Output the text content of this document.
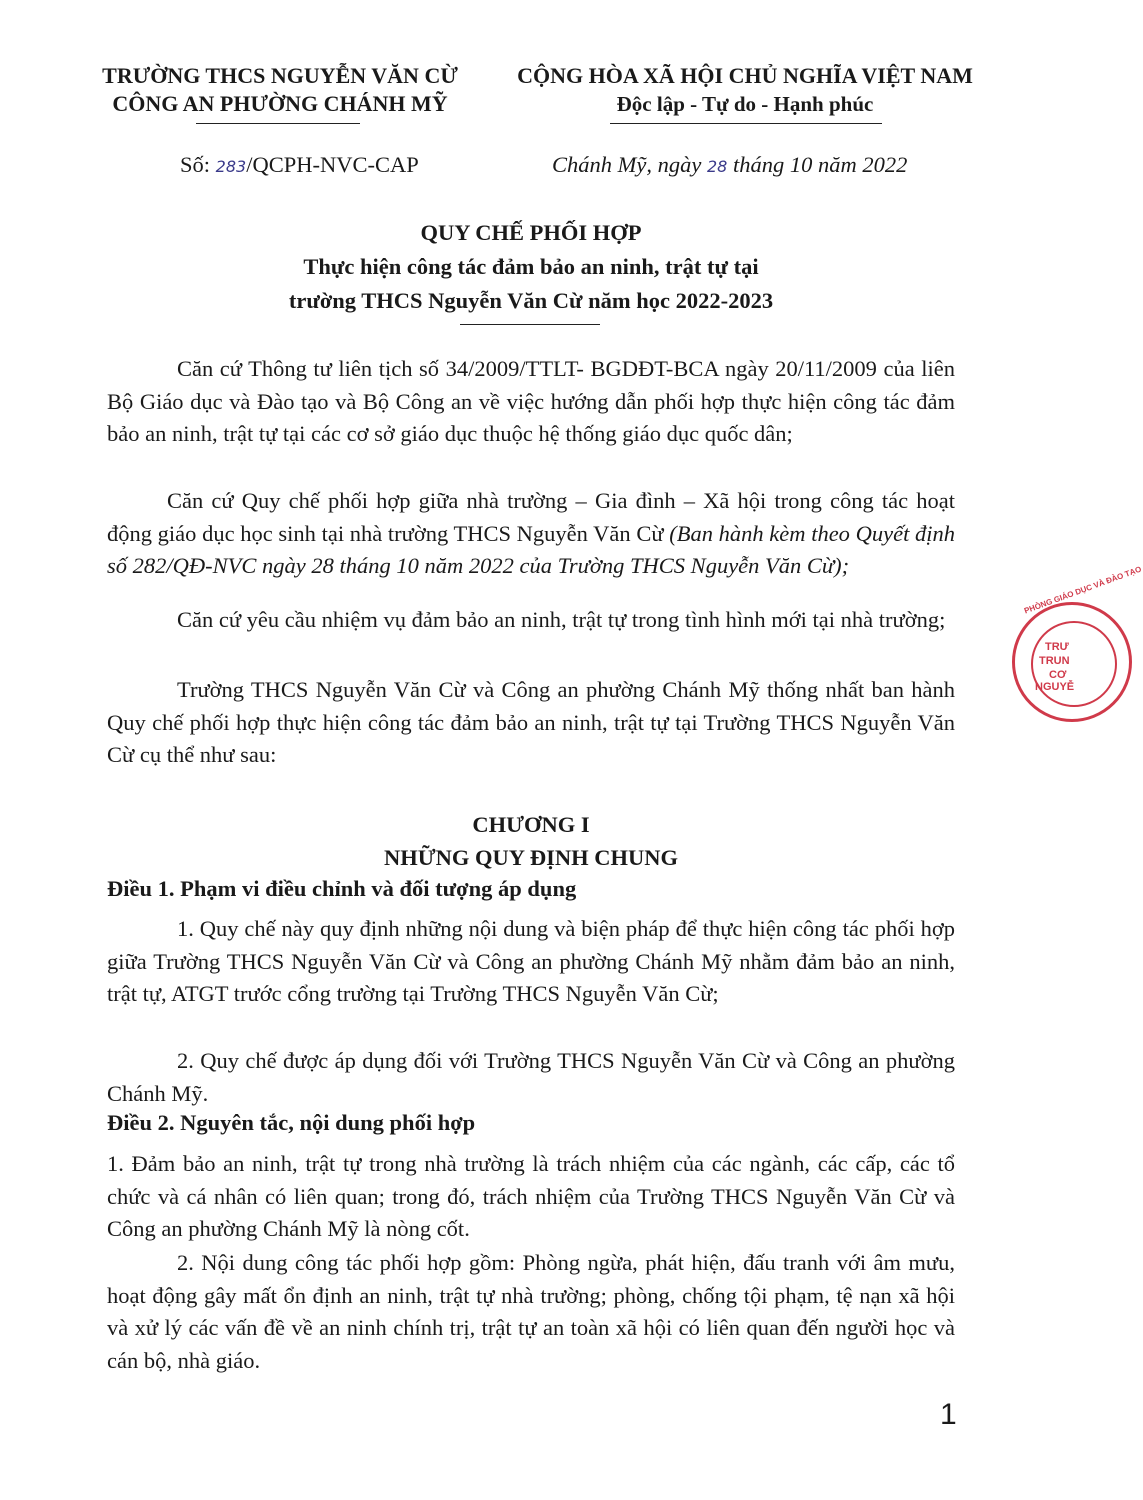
TRƯỜNG THCS NGUYỄN VĂN CỪ
CÔNG AN PHƯỜNG CHÁNH MỸ
CỘNG HÒA XÃ HỘI CHỦ NGHĨA VIỆT NAM
Độc lập - Tự do - Hạnh phúc
Số: 283/QCPH-NVC-CAP	Chánh Mỹ, ngày 28 tháng 10 năm 2022
QUY CHẾ PHỐI HỢP
Thực hiện công tác đảm bảo an ninh, trật tự tại
trường THCS Nguyễn Văn Cừ năm học 2022-2023

Căn cứ Thông tư liên tịch số 34/2009/TTLT- BGDĐT-BCA ngày 20/11/2009 của liên Bộ Giáo dục và Đào tạo và Bộ Công an về việc hướng dẫn phối hợp thực hiện công tác đảm bảo an ninh, trật tự tại các cơ sở giáo dục thuộc hệ thống giáo dục quốc dân;

Căn cứ Quy chế phối hợp giữa nhà trường – Gia đình – Xã hội trong công tác hoạt động giáo dục học sinh tại nhà trường THCS Nguyễn Văn Cừ (Ban hành kèm theo Quyết định số 282/QĐ-NVC ngày 28 tháng 10 năm 2022 của Trường THCS Nguyễn Văn Cừ);

Căn cứ yêu cầu nhiệm vụ đảm bảo an ninh, trật tự trong tình hình mới tại nhà trường;

Trường THCS Nguyễn Văn Cừ và Công an phường Chánh Mỹ thống nhất ban hành Quy chế phối hợp thực hiện công tác đảm bảo an ninh, trật tự tại Trường THCS Nguyễn Văn Cừ cụ thể như sau:

CHƯƠNG I
NHỮNG QUY ĐỊNH CHUNG
Điều 1. Phạm vi điều chỉnh và đối tượng áp dụng

1. Quy chế này quy định những nội dung và biện pháp để thực hiện công tác phối hợp giữa Trường THCS Nguyễn Văn Cừ và Công an phường Chánh Mỹ nhằm đảm bảo an ninh, trật tự, ATGT trước cổng trường tại Trường THCS Nguyễn Văn Cừ;

2. Quy chế được áp dụng đối với Trường THCS Nguyễn Văn Cừ và Công an phường Chánh Mỹ.

Điều 2. Nguyên tắc, nội dung phối hợp

1. Đảm bảo an ninh, trật tự trong nhà trường là trách nhiệm của các ngành, các cấp, các tổ chức và cá nhân có liên quan; trong đó, trách nhiệm của Trường THCS Nguyễn Văn Cừ và Công an phường Chánh Mỹ là nòng cốt.

2. Nội dung công tác phối hợp gồm: Phòng ngừa, phát hiện, đấu tranh với âm mưu, hoạt động gây mất ổn định an ninh, trật tự nhà trường; phòng, chống tội phạm, tệ nạn xã hội và xử lý các vấn đề về an ninh chính trị, trật tự an toàn xã hội có liên quan đến người học và cán bộ, nhà giáo.

PHÒNG GIÁO DỤC VÀ ĐÀO TẠO
TRƯ
TRUN
CƠ
NGUYỄ
1
